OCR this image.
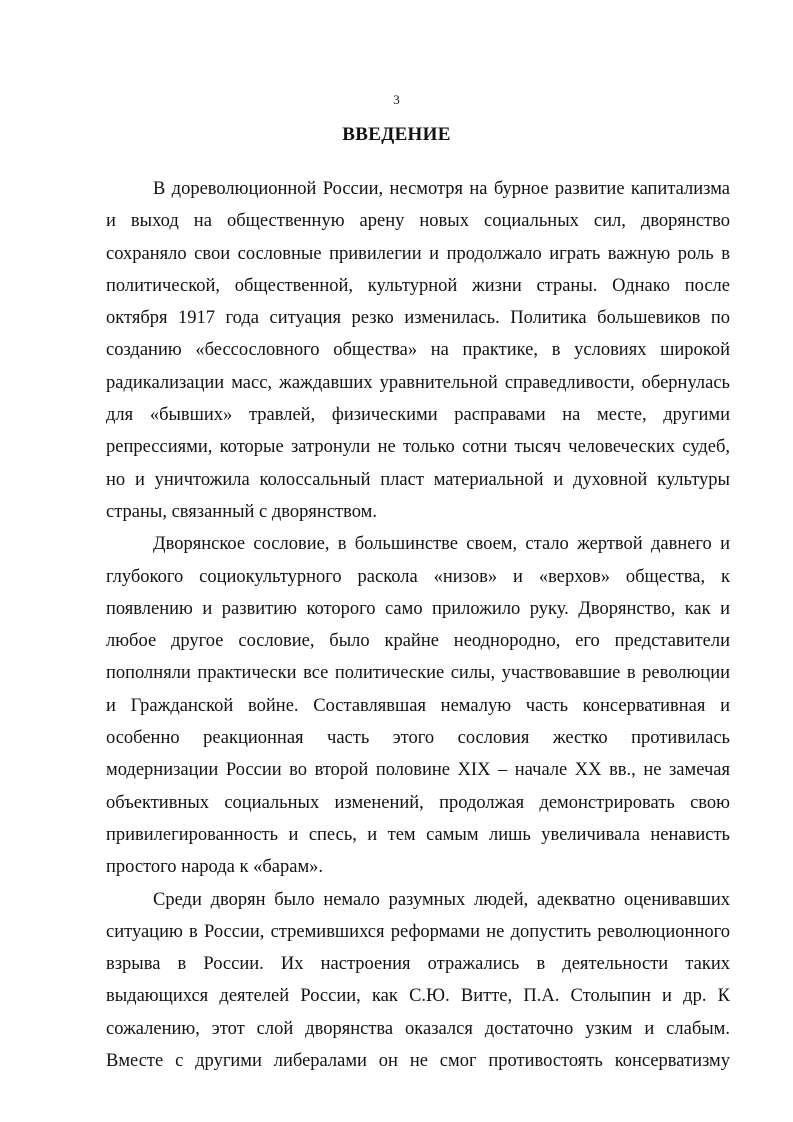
3
ВВЕДЕНИЕ
В дореволюционной России, несмотря на бурное развитие капитализма
и выход на общественную арену новых социальных сил, дворянство
сохраняло свои сословные привилегии и продолжало играть важную роль в
политической, общественной, культурной жизни страны. Однако после
октября 1917 года ситуация резко изменилась. Политика большевиков по
созданию «бессословного общества» на практике, в условиях широкой
радикализации масс, жаждавших уравнительной справедливости, обернулась
для «бывших» травлей, физическими расправами на месте, другими
репрессиями, которые затронули не только сотни тысяч человеческих судеб,
но и уничтожила колоссальный пласт материальной и духовной культуры
страны, связанный с дворянством.
Дворянское сословие, в большинстве своем, стало жертвой давнего и
глубокого социокультурного раскола «низов» и «верхов» общества, к
появлению и развитию которого само приложило руку. Дворянство, как и
любое другое сословие, было крайне неоднородно, его представители
пополняли практически все политические силы, участвовавшие в революции
и Гражданской войне. Составлявшая немалую часть консервативная и
особенно реакционная часть этого сословия жестко противилась
модернизации России во второй половине XIX – начале XX вв., не замечая
объективных социальных изменений, продолжая демонстрировать свою
привилегированность и спесь, и тем самым лишь увеличивала ненависть
простого народа к «барам».
Среди дворян было немало разумных людей, адекватно оценивавших
ситуацию в России, стремившихся реформами не допустить революционного
взрыва в России. Их настроения отражались в деятельности таких
выдающихся деятелей России, как С.Ю. Витте, П.А. Столыпин и др. К
сожалению, этот слой дворянства оказался достаточно узким и слабым.
Вместе с другими либералами он не смог противостоять консерватизму
